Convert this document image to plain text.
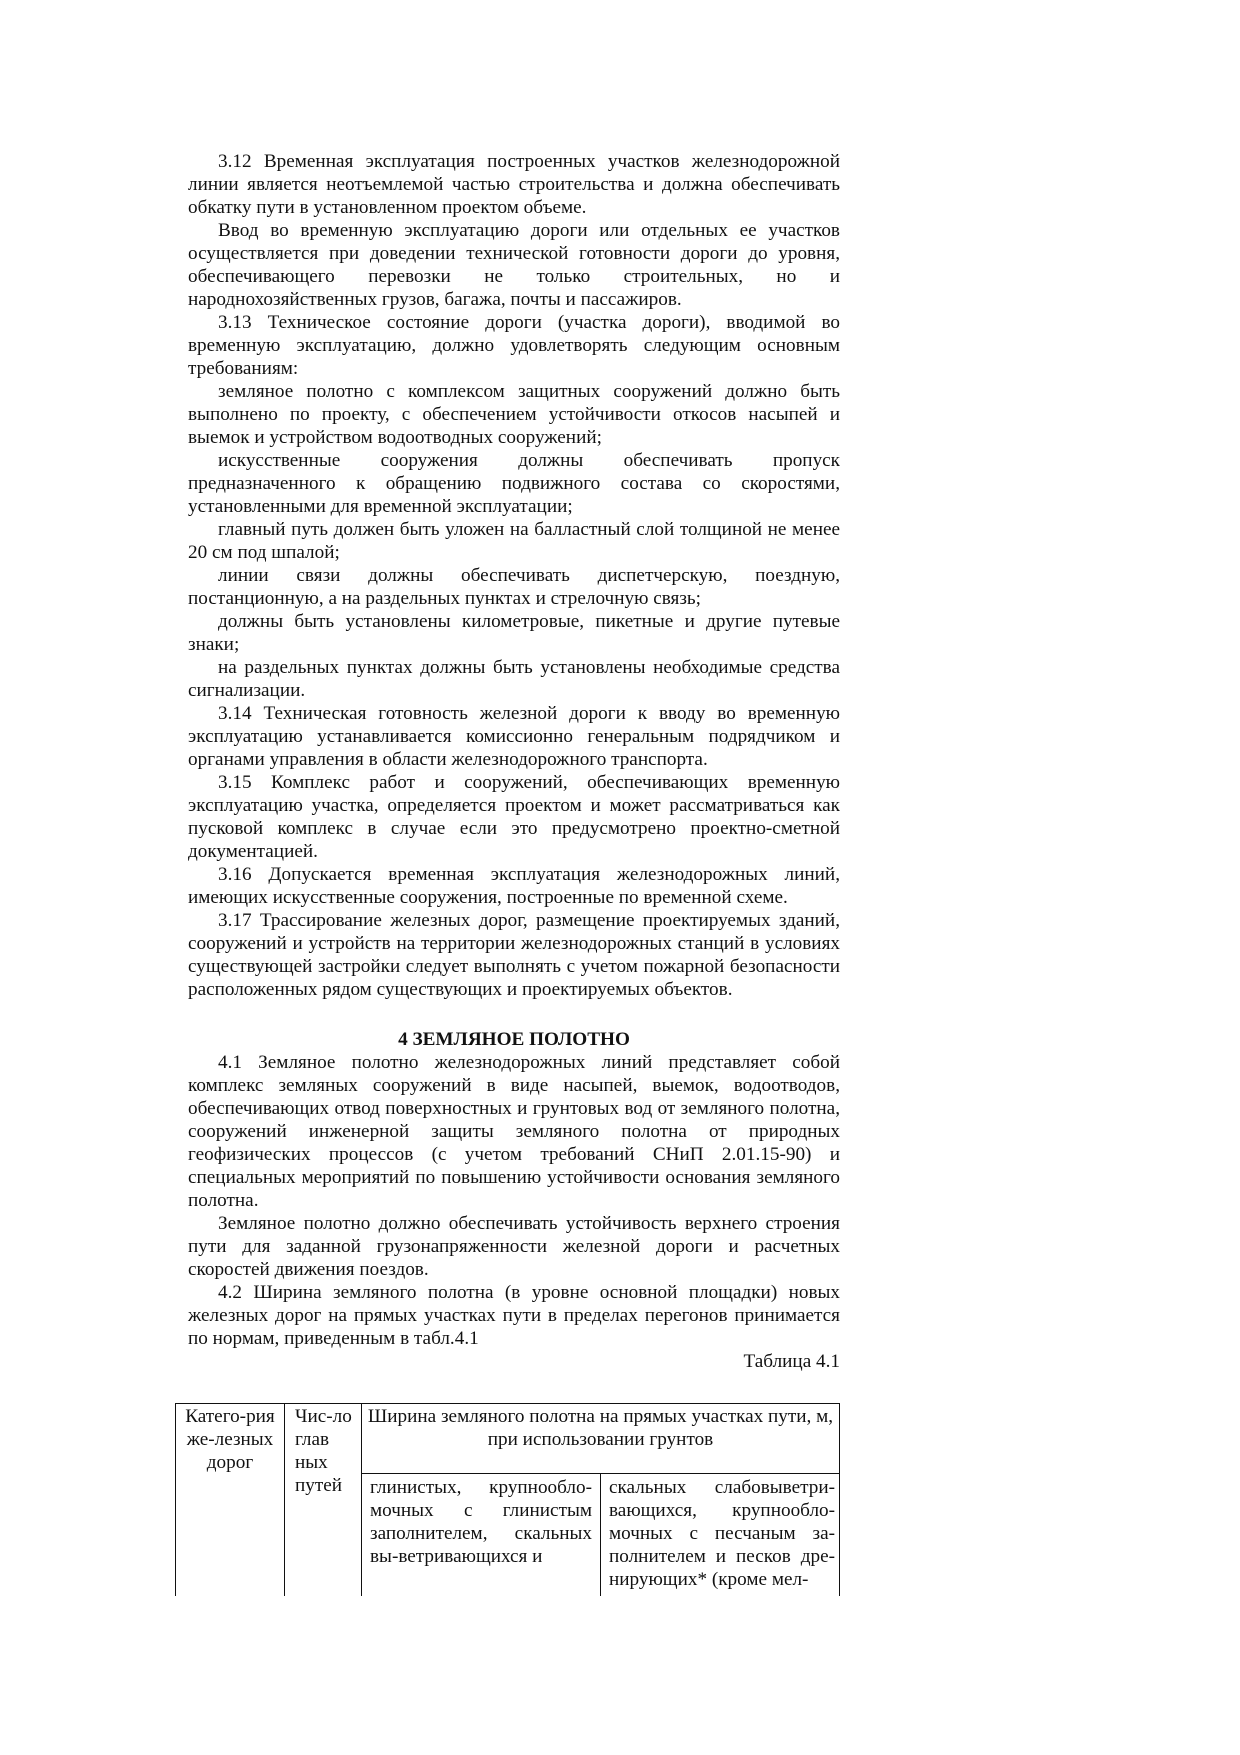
3.12 Временная эксплуатация построенных участков железнодорожной линии является неотъемлемой частью строительства и должна обеспечивать обкатку пути в установленном проектом объеме.

Ввод во временную эксплуатацию дороги или отдельных ее участков осуществляется при доведении технической готовности дороги до уровня, обеспечивающего перевозки не только строительных, но и народнохозяйственных грузов, багажа, почты и пассажиров.

3.13 Техническое состояние дороги (участка дороги), вводимой во временную эксплуатацию, должно удовлетворять следующим основным требованиям:

земляное полотно с комплексом защитных сооружений должно быть выполнено по проекту, с обеспечением устойчивости откосов насыпей и выемок и устройством водоотводных сооружений;

искусственные сооружения должны обеспечивать пропуск предназначенного к обращению подвижного состава со скоростями, установленными для временной эксплуатации;

главный путь должен быть уложен на балластный слой толщиной не менее 20 см под шпалой;

линии связи должны обеспечивать диспетчерскую, поездную, постанционную, а на раздельных пунктах и стрелочную связь;

должны быть установлены километровые, пикетные и другие путевые знаки;

на раздельных пунктах должны быть установлены необходимые средства сигнализации.

3.14 Техническая готовность железной дороги к вводу во временную эксплуатацию устанавливается комиссионно генеральным подрядчиком и органами управления в области железнодорожного транспорта.

3.15 Комплекс работ и сооружений, обеспечивающих временную эксплуатацию участка, определяется проектом и может рассматриваться как пусковой комплекс в случае если это предусмотрено проектно-сметной документацией.

3.16 Допускается временная эксплуатация железнодорожных линий, имеющих искусственные сооружения, построенные по временной схеме.

3.17 Трассирование железных дорог, размещение проектируемых зданий, сооружений и устройств на территории железнодорожных станций в условиях существующей застройки следует выполнять с учетом пожарной безопасности расположенных рядом существующих и проектируемых объектов.

4 ЗЕМЛЯНОЕ ПОЛОТНО

4.1 Земляное полотно железнодорожных линий представляет собой комплекс земляных сооружений в виде насыпей, выемок, водоотводов, обеспечивающих отвод поверхностных и грунтовых вод от земляного полотна, сооружений инженерной защиты земляного полотна от природных геофизических процессов (с учетом требований СНиП 2.01.15-90) и специальных мероприятий по повышению устойчивости основания земляного полотна.

Земляное полотно должно обеспечивать устойчивость верхнего строения пути для заданной грузонапряженности железной дороги и расчетных скоростей движения поездов.

4.2 Ширина земляного полотна (в уровне основной площадки) новых железных дорог на прямых участках пути в пределах перегонов принимается по нормам, приведенным в табл.4.1

Таблица 4.1

Катего-рия же-лезных дорог	Чис-ло глав ных путей	Ширина земляного полотна на прямых участках пути, м, при использовании грунтов	
		глинистых, крупнообло-мочных с глинистым заполнителем, скальных вы-ветривающихся и	скальных слабовыветри-вающихся, крупнообло-мочных с песчаным за-полнителем и песков дре-нирующих* (кроме мел-
